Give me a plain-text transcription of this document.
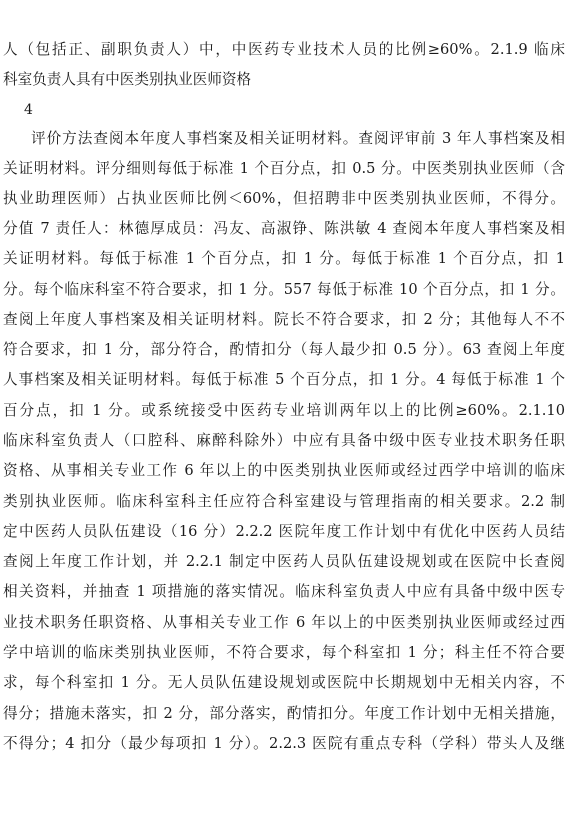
人（包括正、副职负责人）中，中医药专业技术人员的比例≥60%。2.1.9 临床
科室负责人具有中医类别执业医师资格
评价方法查阅本年度人事档案及相关证明材料。查阅评审前 3 年人事档案及相
关证明材料。评分细则每低于标准 1 个百分点，扣 0.5 分。中医类别执业医师（含
执业助理医师）占执业医师比例＜60%，但招聘非中医类别执业医师，不得分。
分值 7 责任人：林德厚成员：冯友、高淑铮、陈洪敏 4 查阅本年度人事档案及相
关证明材料。每低于标准 1 个百分点，扣 1 分。每低于标准 1 个百分点，扣 1
分。每个临床科室不符合要求，扣 1 分。557 每低于标准 10 个百分点，扣 1 分。
查阅上年度人事档案及相关证明材料。院长不符合要求，扣 2 分；其他每人不不
符合要求，扣 1 分，部分符合，酌情扣分（每人最少扣 0.5 分）。63 查阅上年度
人事档案及相关证明材料。每低于标准 5 个百分点，扣 1 分。4 每低于标准 1 个
百分点，扣 1 分。或系统接受中医药专业培训两年以上的比例≥60%。2.1.10
临床科室负责人（口腔科、麻醉科除外）中应有具备中级中医专业技术职务任职
资格、从事相关专业工作 6 年以上的中医类别执业医师或经过西学中培训的临床
类别执业医师。临床科室科主任应符合科室建设与管理指南的相关要求。2.2 制
定中医药人员队伍建设（16 分）2.2.2 医院年度工作计划中有优化中医药人员结
查阅上年度工作计划，并 2.2.1 制定中医药人员队伍建设规划或在医院中长查阅
相关资料，并抽查 1 项措施的落实情况。临床科室负责人中应有具备中级中医专
业技术职务任职资格、从事相关专业工作 6 年以上的中医类别执业医师或经过西
学中培训的临床类别执业医师，不符合要求，每个科室扣 1 分；科主任不符合要
求，每个科室扣 1 分。无人员队伍建设规划或医院中长期规划中无相关内容，不
得分；措施未落实，扣 2 分，部分落实，酌情扣分。年度工作计划中无相关措施，
不得分；4 扣分（最少每项扣 1 分）。2.2.3 医院有重点专科（学科）带头人及继
4
